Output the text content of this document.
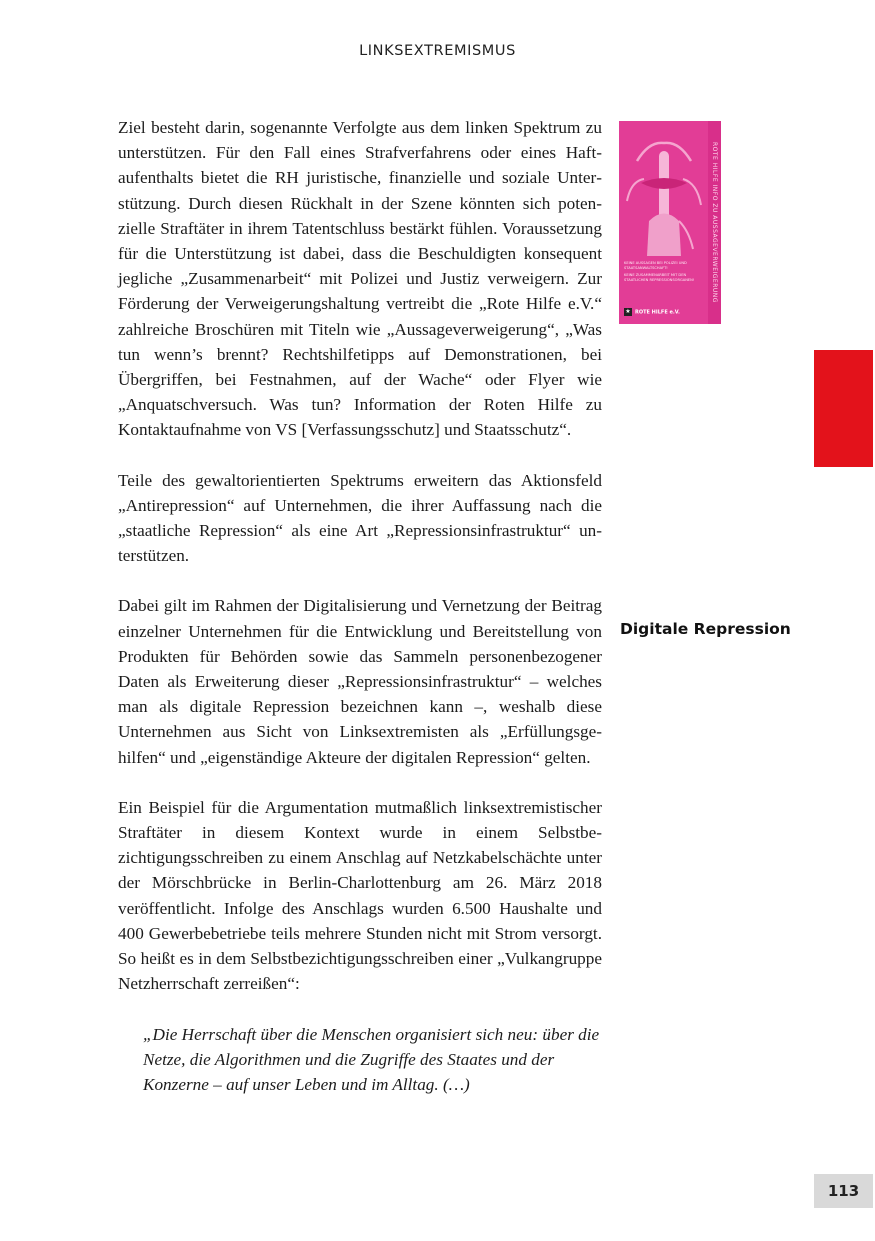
LINKSEXTREMISMUS

Ziel besteht darin, sogenannte Verfolgte aus dem linken Spektrum zu unterstützen. Für den Fall eines Strafverfahrens oder eines Haftaufenthalts bietet die RH juristische, finanzielle und soziale Unterstützung. Durch diesen Rückhalt in der Szene könnten sich potenzielle Straftäter in ihrem Tatentschluss bestärkt fühlen. Voraussetzung für die Unterstützung ist dabei, dass die Beschuldigten konsequent jegliche „Zusammenarbeit“ mit Polizei und Justiz verweigern. Zur Förderung der Verweigerungshaltung vertreibt die „Rote Hilfe e.V.“ zahlreiche Broschüren mit Titeln wie „Aussageverweigerung“, „Was tun wenn’s brennt? Rechtshilfetipps auf Demonstrationen, bei Übergriffen, bei Festnahmen, auf der Wache“ oder Flyer wie „Anquatschversuch. Was tun? Information der Roten Hilfe zu Kontaktaufnahme von VS [Verfassungsschutz] und Staatsschutz“.

Teile des gewaltorientierten Spektrums erweitern das Aktionsfeld „Antirepression“ auf Unternehmen, die ihrer Auffassung nach die „staatliche Repression“ als eine Art „Repressionsinfrastruktur“ unterstützen.

Dabei gilt im Rahmen der Digitalisierung und Vernetzung der Beitrag einzelner Unternehmen für die Entwicklung und Bereitstellung von Produkten für Behörden sowie das Sammeln personenbezogener Daten als Erweiterung dieser „Repressionsinfrastruktur“ – welches man als digitale Repression bezeichnen kann –, weshalb diese Unternehmen aus Sicht von Linksextremisten als „Erfüllungsgehilfen“ und „eigenständige Akteure der digitalen Repression“ gelten.

Ein Beispiel für die Argumentation mutmaßlich linksextremistischer Straftäter in diesem Kontext wurde in einem Selbstbezichtigungsschreiben zu einem Anschlag auf Netzkabelschächte unter der Mörschbrücke in Berlin-Charlottenburg am 26. März 2018 veröffentlicht. Infolge des Anschlags wurden 6.500 Haushalte und 400 Gewerbebetriebe teils mehrere Stunden nicht mit Strom versorgt. So heißt es in dem Selbstbezichtigungsschreiben einer „Vulkangruppe Netzherrschaft zerreißen“:

„Die Herrschaft über die Menschen organisiert sich neu: über die Netze, die Algorithmen und die Zugriffe des Staates und der Konzerne – auf unser Leben und im Alltag. (…)

Digitale Repression
KEINE AUSSAGEN BEI POLIZEI UND STAATSANWALTSCHAFT!
KEINE ZUSAMMENARBEIT MIT DEN STAATLICHEN REPRESSIONSORGANEN!
★ ROTE HILFE e.V.
ROTE HILFE INFO ZU AUSSAGEVERWEIGERUNG
113
